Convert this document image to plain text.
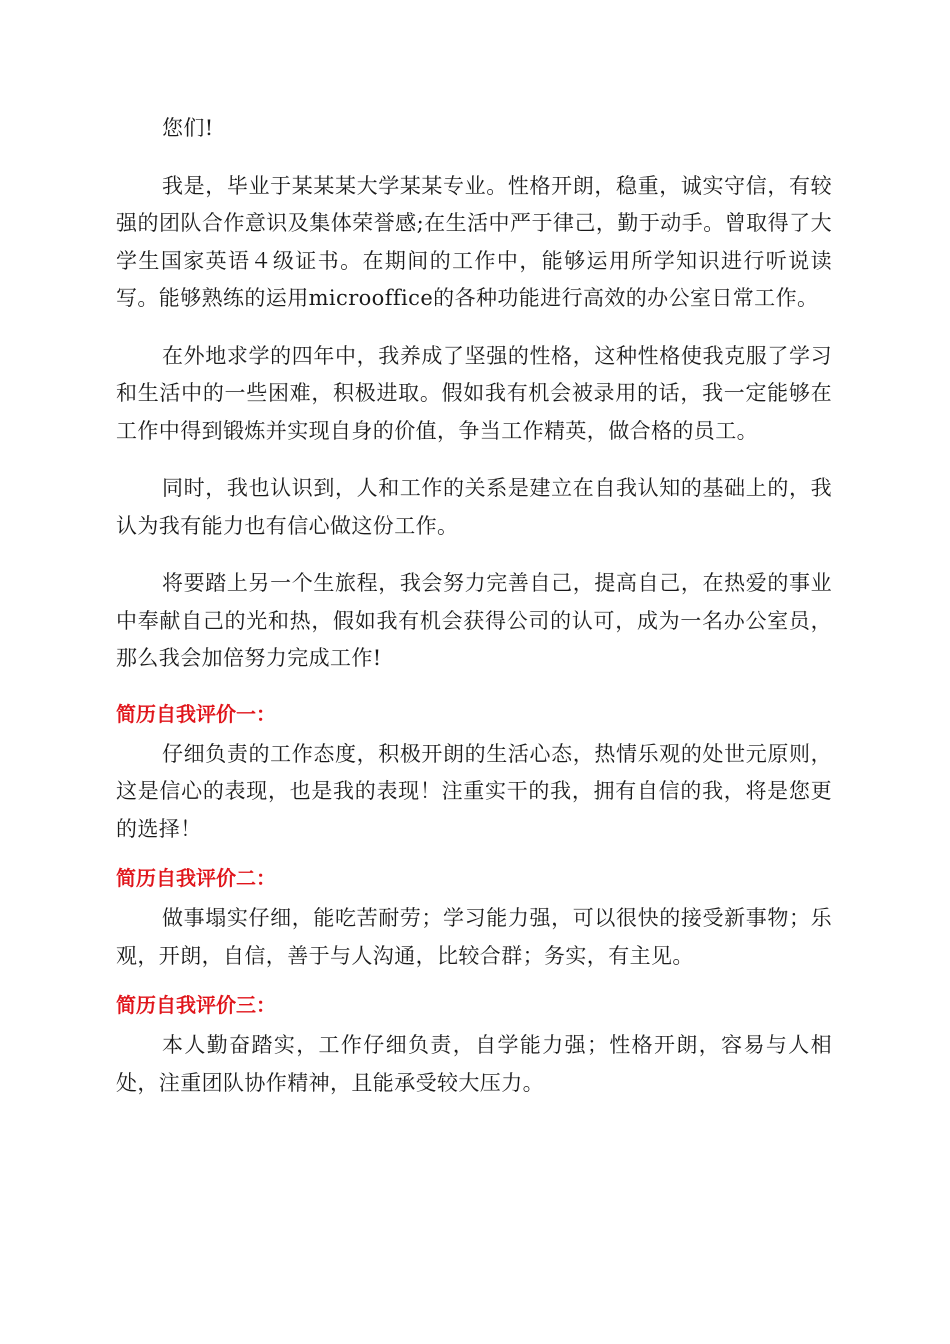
您们!

我是，毕业于某某某大学某某专业。性格开朗，稳重，诚实守信，有较强的团队合作意识及集体荣誉感;在生活中严于律己，勤于动手。曾取得了大学生国家英语４级证书。在期间的工作中，能够运用所学知识进行听说读写。能够熟练的运用microoffice的各种功能进行高效的办公室日常工作。

在外地求学的四年中，我养成了坚强的性格，这种性格使我克服了学习和生活中的一些困难，积极进取。假如我有机会被录用的话，我一定能够在工作中得到锻炼并实现自身的价值，争当工作精英，做合格的员工。

同时，我也认识到，人和工作的关系是建立在自我认知的基础上的，我认为我有能力也有信心做这份工作。

将要踏上另一个生旅程，我会努力完善自己，提高自己，在热爱的事业中奉献自己的光和热，假如我有机会获得公司的认可，成为一名办公室员，那么我会加倍努力完成工作!

简历自我评价一：

仔细负责的工作态度，积极开朗的生活心态，热情乐观的处世元原则，这是信心的表现，也是我的表现！注重实干的我，拥有自信的我，将是您更的选择！

简历自我评价二：

做事塌实仔细，能吃苦耐劳；学习能力强，可以很快的接受新事物；乐观，开朗，自信，善于与人沟通，比较合群；务实，有主见。

简历自我评价三：

本人勤奋踏实，工作仔细负责，自学能力强；性格开朗，容易与人相处，注重团队协作精神，且能承受较大压力。
